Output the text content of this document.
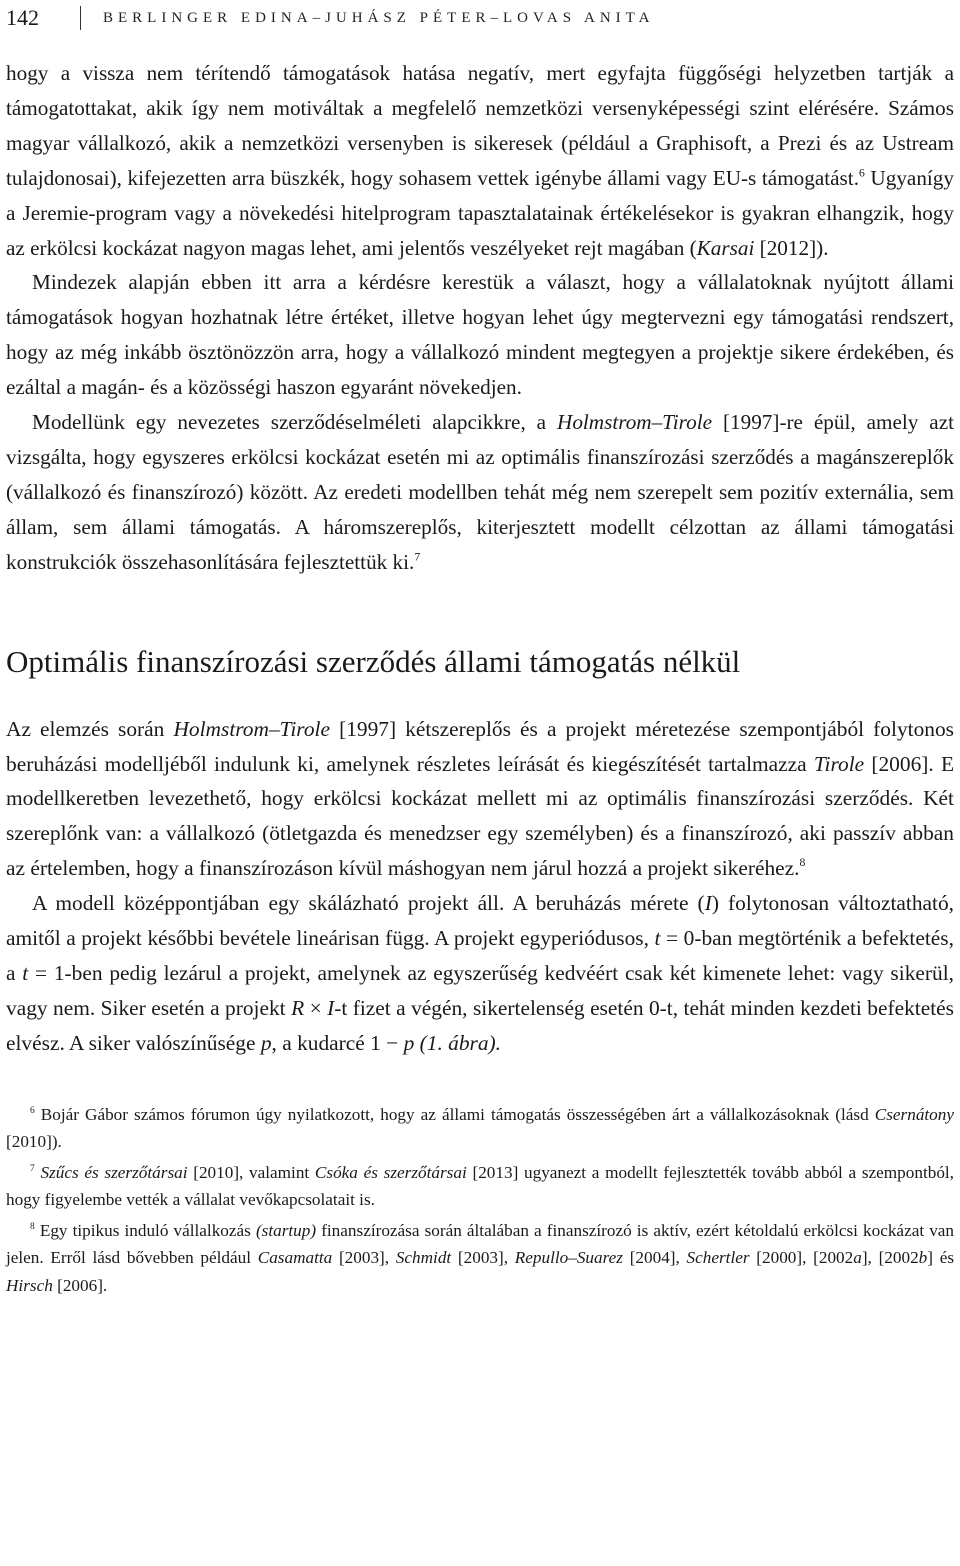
142	BERLINGER EDINA–JUHÁSZ PÉTER–LOVAS ANITA

hogy a vissza nem térítendő támogatások hatása negatív, mert egyfajta függőségi helyzetben tartják a támogatottakat, akik így nem motiváltak a megfelelő nemzetközi versenyképességi szint elérésére. Számos magyar vállalkozó, akik a nemzetközi versenyben is sikeresek (például a Graphisoft, a Prezi és az Ustream tulajdonosai), kifejezetten arra büszkék, hogy sohasem vettek igénybe állami vagy EU-s támogatást.$^6$ Ugyanígy a Jeremie-program vagy a növekedési hitelprogram tapasztalatainak értékelésekor is gyakran elhangzik, hogy az erkölcsi kockázat nagyon magas lehet, ami jelentős veszélyeket rejt magában (Karsai [2012]).

Mindezek alapján ebben itt arra a kérdésre kerestük a választ, hogy a vállalatoknak nyújtott állami támogatások hogyan hozhatnak létre értéket, illetve hogyan lehet úgy megtervezni egy támogatási rendszert, hogy az még inkább ösztönözzön arra, hogy a vállalkozó mindent megtegyen a projektje sikere érdekében, és ezáltal a magán- és a közösségi haszon egyaránt növekedjen.

Modellünk egy nevezetes szerződéselméleti alapcikkre, a Holmstrom–Tirole [1997]-re épül, amely azt vizsgálta, hogy egyszeres erkölcsi kockázat esetén mi az optimális finanszírozási szerződés a magánszereplők (vállalkozó és finanszírozó) között. Az eredeti modellben tehát még nem szerepelt sem pozitív externália, sem állam, sem állami támogatás. A háromszereplős, kiterjesztett modellt célzottan az állami támogatási konstrukciók összehasonlítására fejlesztettük ki.$^7$

Optimális finanszírozási szerződés állami támogatás nélkül

Az elemzés során Holmstrom–Tirole [1997] kétszereplős és a projekt méretezése szempontjából folytonos beruházási modelljéből indulunk ki, amelynek részletes leírását és kiegészítését tartalmazza Tirole [2006]. E modellkeretben levezethető, hogy erkölcsi kockázat mellett mi az optimális finanszírozási szerződés. Két szereplőnk van: a vállalkozó (ötletgazda és menedzser egy személyben) és a finanszírozó, aki passzív abban az értelemben, hogy a finanszírozáson kívül máshogyan nem járul hozzá a projekt sikeréhez.$^8$

A modell középpontjában egy skálázható projekt áll. A beruházás mérete (I) folytonosan változtatható, amitől a projekt későbbi bevétele lineárisan függ. A projekt egyperiódusos, t = 0-ban megtörténik a befektetés, a t = 1-ben pedig lezárul a projekt, amelynek az egyszerűség kedvéért csak két kimenete lehet: vagy sikerül, vagy nem. Siker esetén a projekt R × I-t fizet a végén, sikertelenség esetén 0-t, tehát minden kezdeti befektetés elvész. A siker valószínűsége p, a kudarcé 1 − p (1. ábra).

$^6$ Bojár Gábor számos fórumon úgy nyilatkozott, hogy az állami támogatás összességében árt a vállalkozásoknak (lásd Csernátony [2010]).

$^7$ Szűcs és szerzőtársai [2010], valamint Csóka és szerzőtársai [2013] ugyanezt a modellt fejlesztették tovább abból a szempontból, hogy figyelembe vették a vállalat vevőkapcsolatait is.

$^8$ Egy tipikus induló vállalkozás (startup) finanszírozása során általában a finanszírozó is aktív, ezért kétoldalú erkölcsi kockázat van jelen. Erről lásd bővebben például Casamatta [2003], Schmidt [2003], Repullo–Suarez [2004], Schertler [2000], [2002a], [2002b] és Hirsch [2006].
